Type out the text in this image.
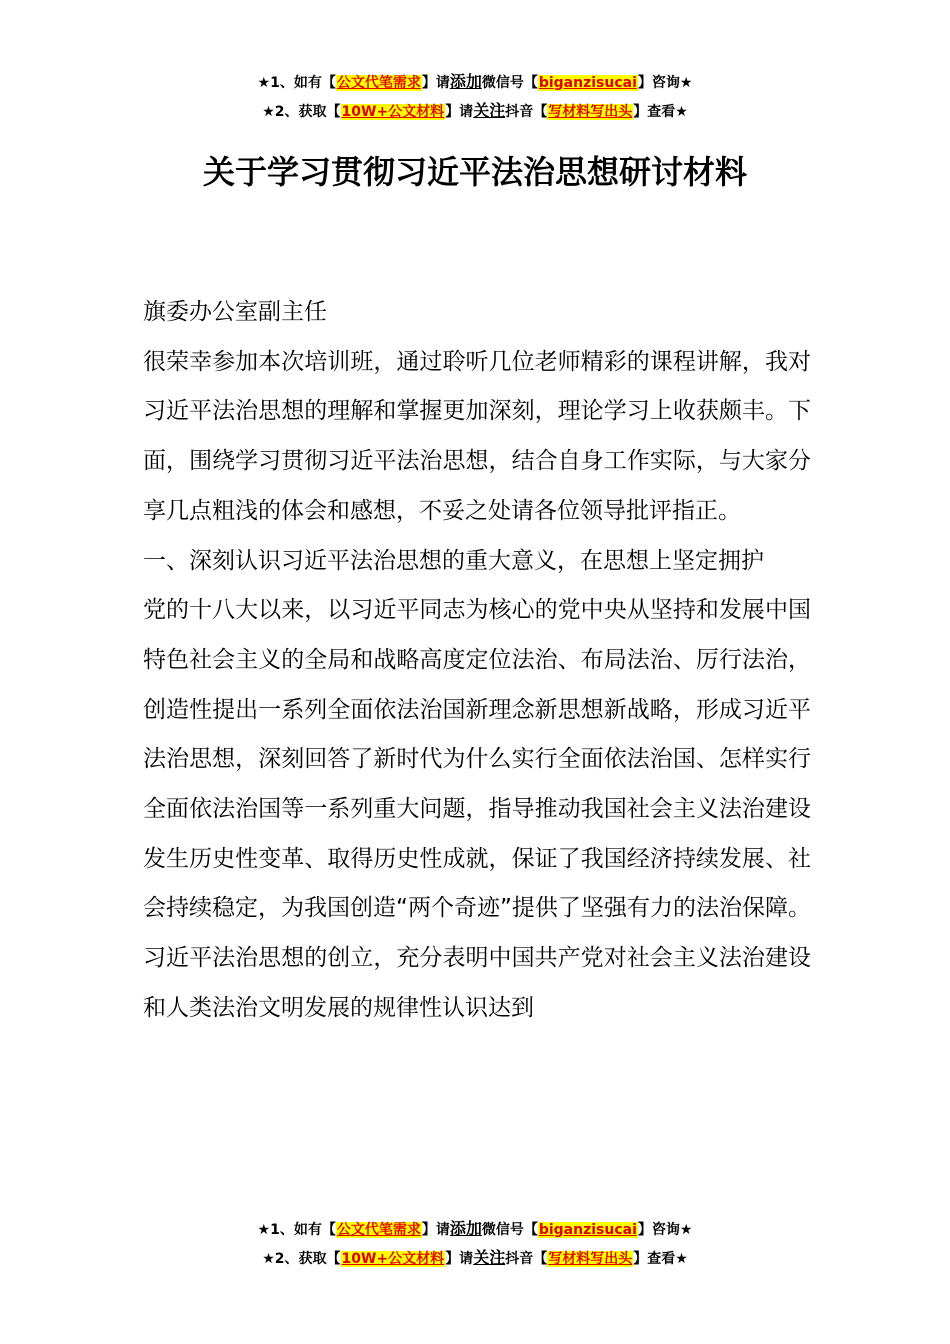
★1、如有【公文代笔需求】请添加微信号【biganzisucai】咨询★
★2、获取【10W+公文材料】请关注抖音【写材料写出头】查看★
关于学习贯彻习近平法治思想研讨材料

旗委办公室副主任

很荣幸参加本次培训班，通过聆听几位老师精彩的课程讲解，我对习近平法治思想的理解和掌握更加深刻，理论学习上收获颇丰。下面，围绕学习贯彻习近平法治思想，结合自身工作实际，与大家分享几点粗浅的体会和感想，不妥之处请各位领导批评指正。

一、深刻认识习近平法治思想的重大意义，在思想上坚定拥护

党的十八大以来，以习近平同志为核心的党中央从坚持和发展中国特色社会主义的全局和战略高度定位法治、布局法治、厉行法治，创造性提出一系列全面依法治国新理念新思想新战略，形成习近平法治思想，深刻回答了新时代为什么实行全面依法治国、怎样实行全面依法治国等一系列重大问题，指导推动我国社会主义法治建设发生历史性变革、取得历史性成就，保证了我国经济持续发展、社会持续稳定，为我国创造“两个奇迹”提供了坚强有力的法治保障。习近平法治思想的创立，充分表明中国共产党对社会主义法治建设和人类法治文明发展的规律性认识达到

★1、如有【公文代笔需求】请添加微信号【biganzisucai】咨询★
★2、获取【10W+公文材料】请关注抖音【写材料写出头】查看★
